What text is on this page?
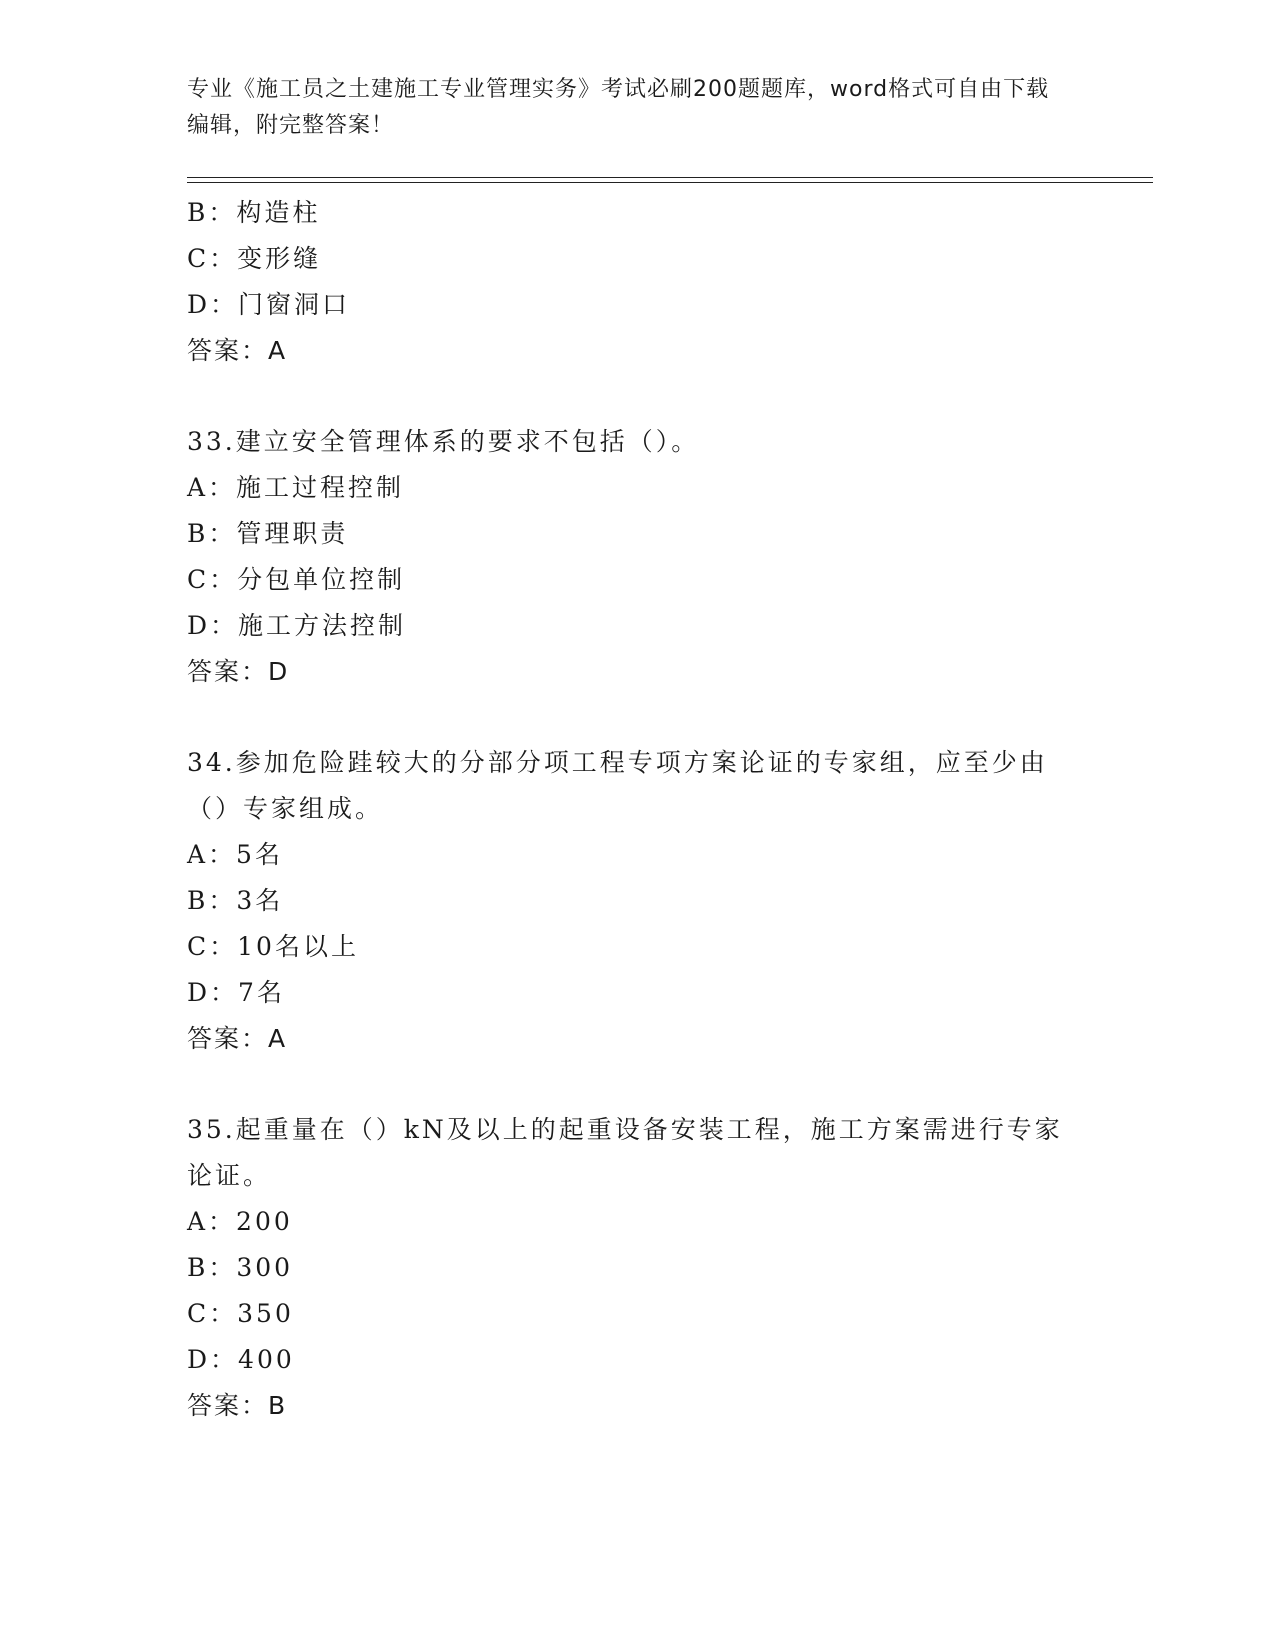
专业《施工员之土建施工专业管理实务》考试必刷200题题库，word格式可自由下载编辑，附完整答案！
B：构造柱
C：变形缝
D：门窗洞口
答案：A
33.建立安全管理体系的要求不包括（）。
A：施工过程控制
B：管理职责
C：分包单位控制
D：施工方法控制
答案：D
34.参加危险跬较大的分部分项工程专项方案论证的专家组，应至少由（）专家组成。
A：5名
B：3名
C：10名以上
D：7名
答案：A
35.起重量在（）kN及以上的起重设备安装工程，施工方案需进行专家论证。
A：200
B：300
C：350
D：400
答案：B
